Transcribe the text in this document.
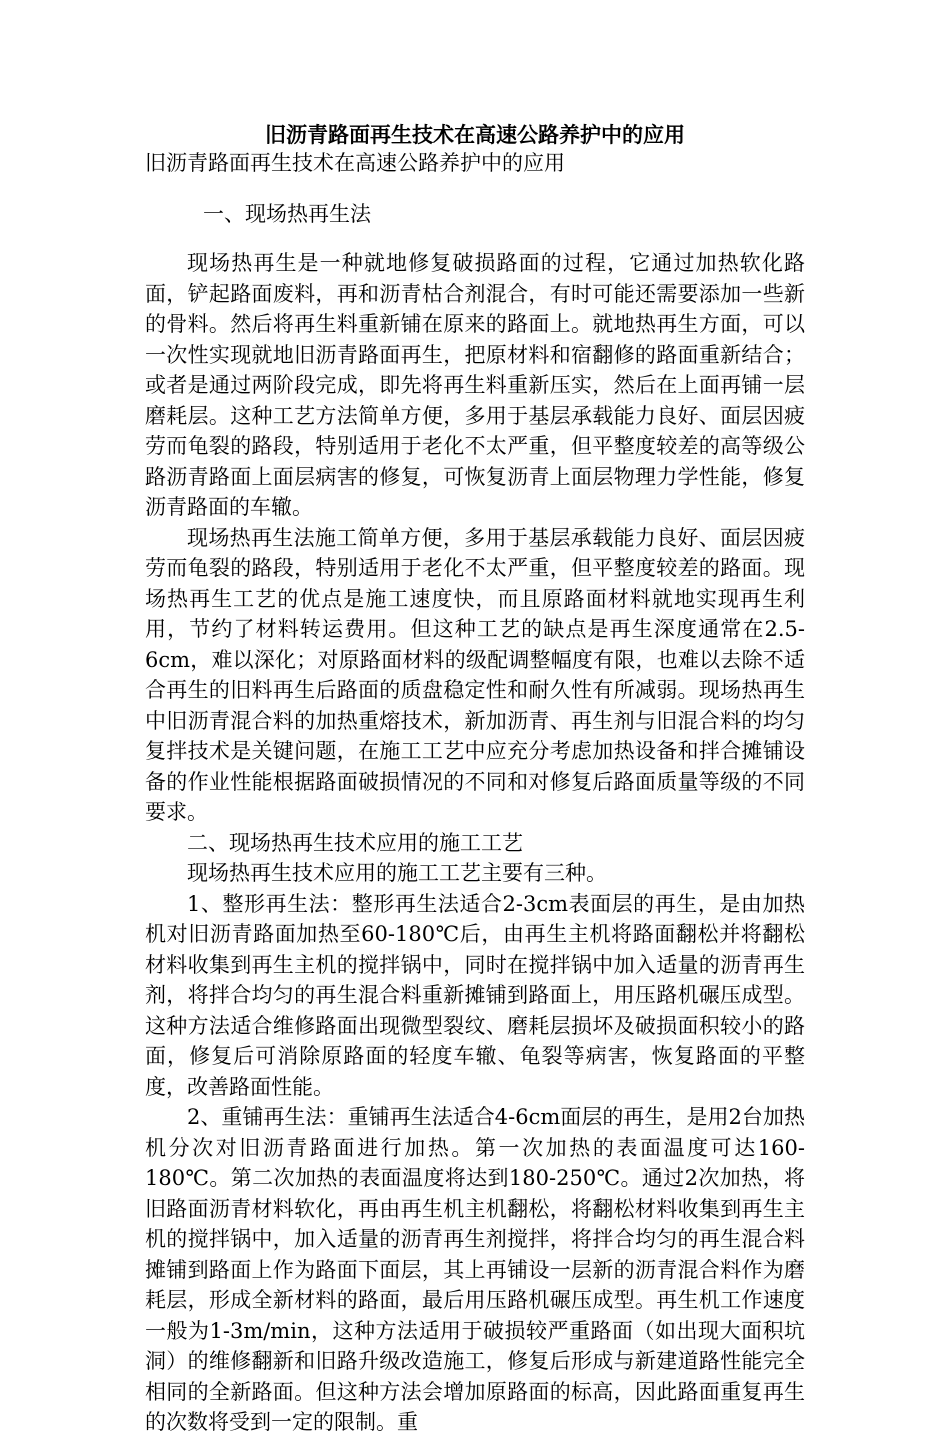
旧沥青路面再生技术在高速公路养护中的应用
旧沥青路面再生技术在高速公路养护中的应用
一、现场热再生法

现场热再生是一种就地修复破损路面的过程，它通过加热软化路面，铲起路面废料，再和沥青枯合剂混合，有时可能还需要添加一些新的骨料。然后将再生料重新铺在原来的路面上。就地热再生方面，可以一次性实现就地旧沥青路面再生，把原材料和宿翻修的路面重新结合；或者是通过两阶段完成，即先将再生料重新压实，然后在上面再铺一层磨耗层。这种工艺方法简单方便，多用于基层承载能力良好、面层因疲劳而龟裂的路段，特别适用于老化不太严重，但平整度较差的高等级公路沥青路面上面层病害的修复，可恢复沥青上面层物理力学性能，修复沥青路面的车辙。

现场热再生法施工简单方便，多用于基层承载能力良好、面层因疲劳而龟裂的路段，特别适用于老化不太严重，但平整度较差的路面。现场热再生工艺的优点是施工速度快，而且原路面材料就地实现再生利用，节约了材料转运费用。但这种工艺的缺点是再生深度通常在2.5-6cm，难以深化；对原路面材料的级配调整幅度有限，也难以去除不适合再生的旧料再生后路面的质盘稳定性和耐久性有所减弱。现场热再生中旧沥青混合料的加热重熔技术，新加沥青、再生剂与旧混合料的均匀复拌技术是关键问题，在施工工艺中应充分考虑加热设备和拌合摊铺设备的作业性能根据路面破损情况的不同和对修复后路面质量等级的不同要求。

二、现场热再生技术应用的施工工艺

现场热再生技术应用的施工工艺主要有三种。

1、整形再生法：整形再生法适合2-3cm表面层的再生，是由加热机对旧沥青路面加热至60-180℃后，由再生主机将路面翻松并将翻松材料收集到再生主机的搅拌锅中，同时在搅拌锅中加入适量的沥青再生剂，将拌合均匀的再生混合料重新摊铺到路面上，用压路机碾压成型。这种方法适合维修路面出现微型裂纹、磨耗层损坏及破损面积较小的路面，修复后可消除原路面的轻度车辙、龟裂等病害，恢复路面的平整度，改善路面性能。

2、重铺再生法：重铺再生法适合4-6cm面层的再生，是用2台加热机分次对旧沥青路面进行加热。第一次加热的表面温度可达160-180℃。第二次加热的表面温度将达到180-250℃。通过2次加热，将旧路面沥青材料软化，再由再生机主机翻松，将翻松材料收集到再生主机的搅拌锅中，加入适量的沥青再生剂搅拌，将拌合均匀的再生混合料摊铺到路面上作为路面下面层，其上再铺设一层新的沥青混合料作为磨耗层，形成全新材料的路面，最后用压路机碾压成型。再生机工作速度一般为1-3m/min，这种方法适用于破损较严重路面（如出现大面积坑洞）的维修翻新和旧路升级改造施工，修复后形成与新建道路性能完全相同的全新路面。但这种方法会增加原路面的标高，因此路面重复再生的次数将受到一定的限制。重
